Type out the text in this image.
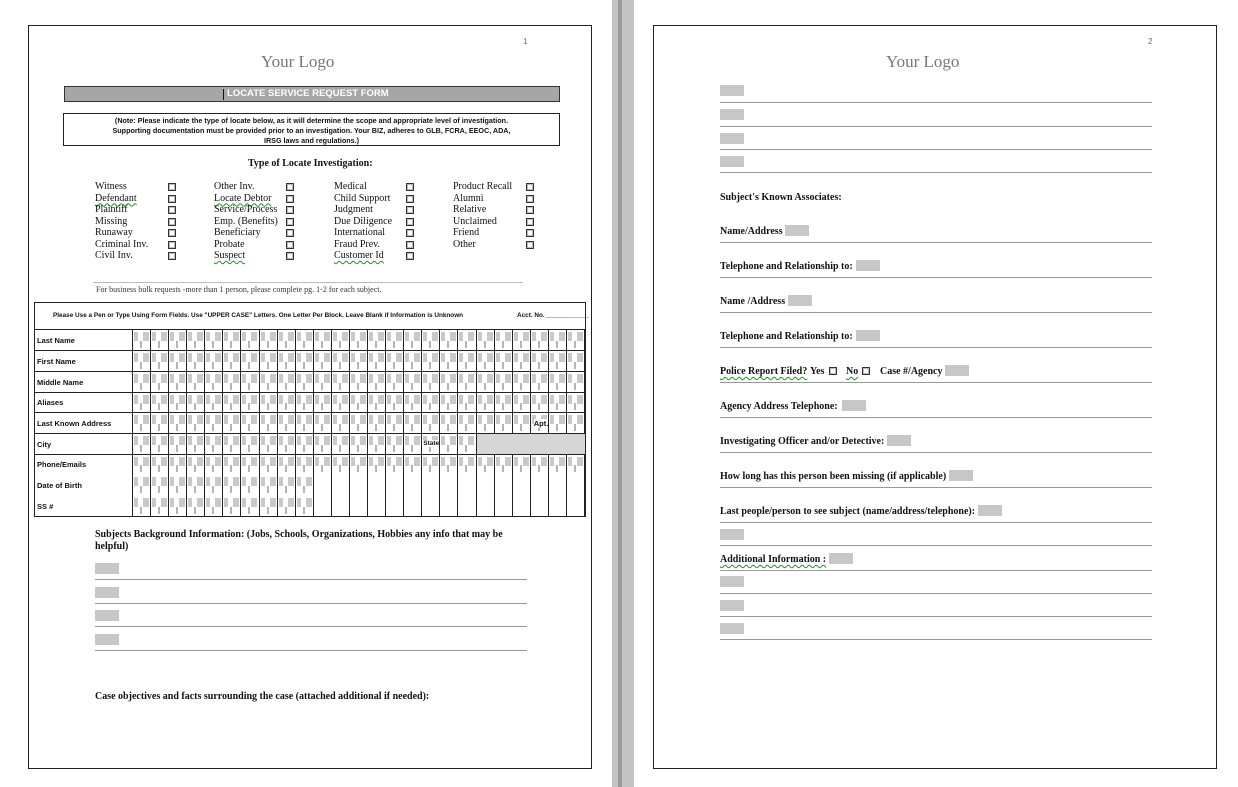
Your Logo
1
LOCATE SERVICE REQUEST FORM
(Note: Please indicate the type of locate below, as it will determine the scope and appropriate level of investigation.
Supporting documentation must be provided prior to an investigation. Your BIZ, adheres to GLB, FCRA, EEOC, ADA,
IRSG laws and regulations.)
Type of Locate Investigation:
Witness
Defendant
Plaintiff
Missing
Runaway
Criminal Inv.
Civil Inv.
Other Inv.
Locate Debtor
Service/Process
Emp. (Benefits)
Beneficiary
Probate
Suspect
Medical
Child Support
Judgment
Due Diligence
International
Fraud Prev.
Customer Id
Product Recall
Alumni
Relative
Unclaimed
Friend
Other
For business bulk requests -more than 1 person, please complete pg. 1-2 for each subject.
Please Use a Pen or Type Using Form Fields. Use "UPPER CASE" Letters. One Letter Per Block. Leave Blank if Information is Unknown	Acct. No. ____________
Last Name
First Name
Middle Name
Aliases
Last Known Address
City
Phone/Emails
Date of Birth
SS #
Apt.
State
Subjects Background Information: (Jobs, Schools, Organizations, Hobbies any info that may be
helpful)
Case objectives and facts surrounding the case (attached additional if needed):
Your Logo
2
Subject's Known Associates:
Name/Address
Telephone and Relationship to:
Name /Address
Telephone and Relationship to:
Police Report Filed? Yes No Case #/Agency
Agency Address Telephone:
Investigating Officer and/or Detective:
How long has this person been missing (if applicable)
Last people/person to see subject (name/address/telephone):
Additional Information :
